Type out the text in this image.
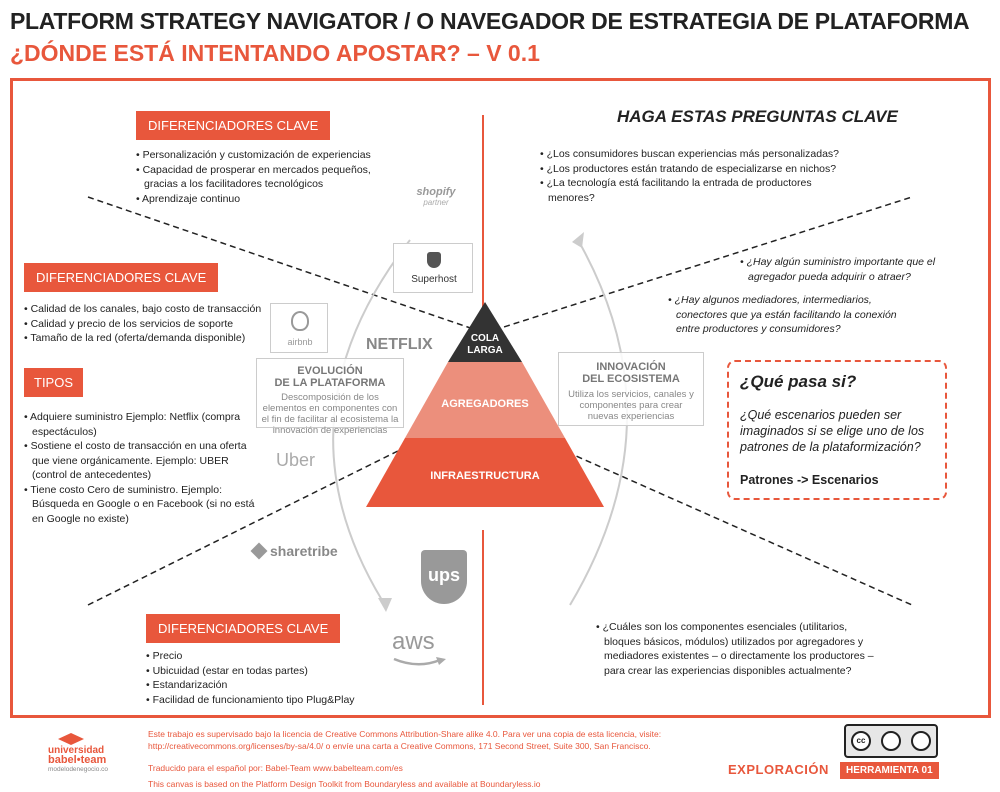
PLATFORM STRATEGY NAVIGATOR / O NAVEGADOR DE ESTRATEGIA DE PLATAFORMA
¿DÓNDE ESTÁ INTENTANDO APOSTAR? – V 0.1
COLA
LARGA
AGREGADORES
INFRAESTRUCTURA
DIFERENCIADORES CLAVE
• Personalización y customización de experiencias
• Capacidad de prosperar en mercados pequeños, gracias a los facilitadores tecnológicos
• Aprendizaje continuo
DIFERENCIADORES CLAVE
• Calidad de los canales, bajo costo de transacción
• Calidad y precio de los servicios de soporte
• Tamaño de la red (oferta/demanda disponible)
TIPOS
• Adquiere suministro Ejemplo: Netflix (compra espectáculos)
• Sostiene el costo de transacción en una oferta que viene orgánicamente. Ejemplo: UBER (control de antecedentes)
• Tiene costo Cero de suministro. Ejemplo: Búsqueda en Google o en Facebook (si no está en Google no existe)
DIFERENCIADORES CLAVE
• Precio
• Ubicuidad (estar en todas partes)
• Estandarización
• Facilidad de funcionamiento tipo Plug&Play
HAGA ESTAS PREGUNTAS CLAVE
• ¿Los consumidores buscan experiencias más personalizadas?
• ¿Los productores están tratando de especializarse en nichos?
• ¿La tecnología está facilitando la entrada de productores menores?
• ¿Hay algún suministro importante que el agregador pueda adquirir o atraer?
• ¿Hay algunos mediadores, intermediarios, conectores que ya están facilitando la conexión entre productores y consumidores?
• ¿Cuáles son los componentes esenciales (utilitarios, bloques básicos, módulos) utilizados por agregadores y mediadores existentes – o directamente los productores – para crear las experiencias disponibles actualmente?
¿Qué pasa si?
¿Qué escenarios pueden ser imaginados si se elige uno de los patrones de la plataformización?
Patrones -> Escenarios
EVOLUCIÓN
DE LA PLATAFORMA
Descomposición de los elementos en componentes con el fin de facilitar al ecosistema la innovación de experiencias
INNOVACIÓN
DEL ECOSISTEMA
Utiliza los servicios, canales y componentes para crear nuevas experiencias
shopify
partner
Superhost
airbnb	NETFLIX
Uber
sharetribe
ups
aws
universidad
babel•team
modelodenegocio.co
Este trabajo es supervisado bajo la licencia de Creative Commons Attribution-Share alike 4.0. Para ver una copia de esta licencia, visite: http://creativecommons.org/licenses/by-sa/4.0/ o envíe una carta a Creative Commons, 171 Second Street, Suite 300, San Francisco.
Traducido para el español por: Babel-Team www.babelteam.com/es
This canvas is based on the Platform Design Toolkit from Boundaryless and available at Boundaryless.io
cc
EXPLORACIÓN	HERRAMIENTA 01
